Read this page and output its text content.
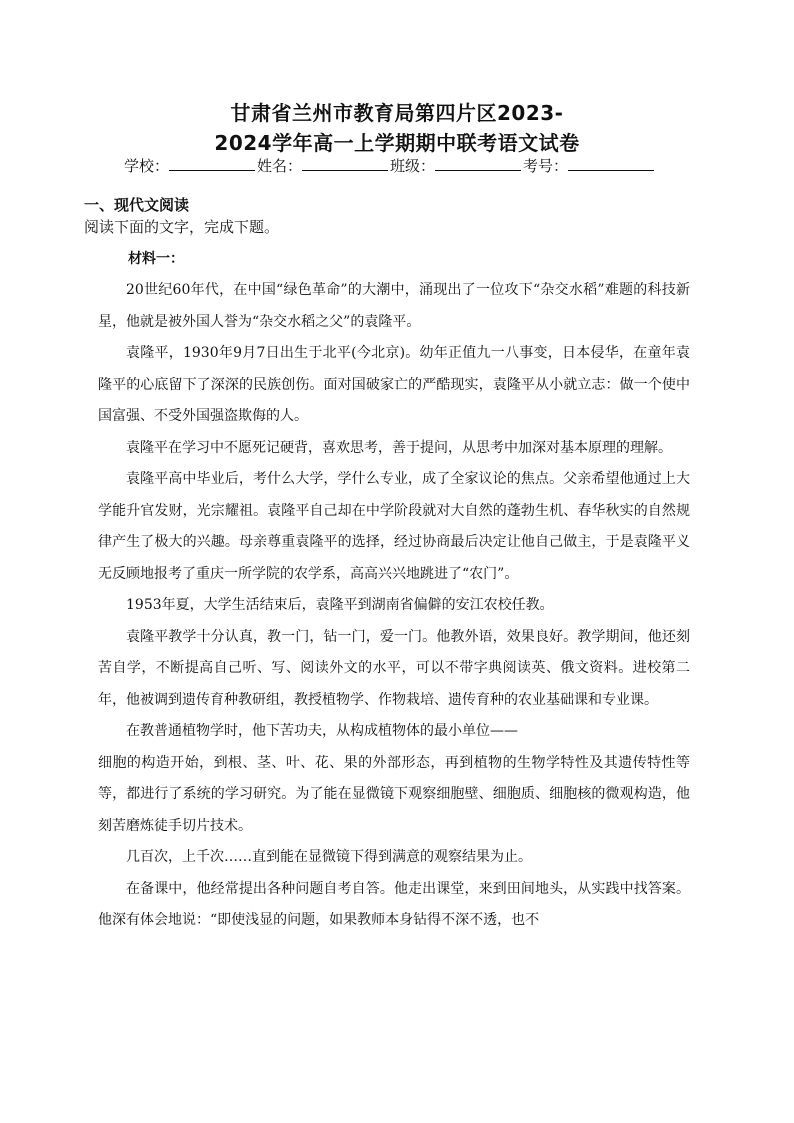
甘肃省兰州市教育局第四片区2023-
2024学年高一上学期期中联考语文试卷
学校：	姓名：	班级：	考号：
一、现代文阅读
阅读下面的文字，完成下题。
材料一：

20世纪60年代，在中国“绿色革命”的大潮中，涌现出了一位攻下“杂交水稻”难题的科技新星，他就是被外国人誉为“杂交水稻之父”的袁隆平。

袁隆平，1930年9月7日出生于北平(今北京)。幼年正值九一八事变，日本侵华，在童年袁隆平的心底留下了深深的民族创伤。面对国破家亡的严酷现实，袁隆平从小就立志：做一个使中国富强、不受外国强盗欺侮的人。

袁隆平在学习中不愿死记硬背，喜欢思考，善于提问，从思考中加深对基本原理的理解。

袁隆平高中毕业后，考什么大学，学什么专业，成了全家议论的焦点。父亲希望他通过上大学能升官发财，光宗耀祖。袁隆平自己却在中学阶段就对大自然的蓬勃生机、春华秋实的自然规律产生了极大的兴趣。母亲尊重袁隆平的选择，经过协商最后决定让他自己做主，于是袁隆平义无反顾地报考了重庆一所学院的农学系，高高兴兴地跳进了“农门”。

1953年夏，大学生活结束后，袁隆平到湖南省偏僻的安江农校任教。

袁隆平教学十分认真，教一门，钻一门，爱一门。他教外语，效果良好。教学期间，他还刻苦自学，不断提高自己听、写、阅读外文的水平，可以不带字典阅读英、俄文资料。进校第二年，他被调到遗传育种教研组，教授植物学、作物栽培、遗传育种的农业基础课和专业课。

在教普通植物学时，他下苦功夫，从构成植物体的最小单位——

细胞的构造开始，到根、茎、叶、花、果的外部形态，再到植物的生物学特性及其遗传特性等等，都进行了系统的学习研究。为了能在显微镜下观察细胞壁、细胞质、细胞核的微观构造，他刻苦磨炼徒手切片技术。

几百次，上千次……直到能在显微镜下得到满意的观察结果为止。

在备课中，他经常提出各种问题自考自答。他走出课堂，来到田间地头，从实践中找答案。他深有体会地说：“即使浅显的问题，如果教师本身钻得不深不透，也不
